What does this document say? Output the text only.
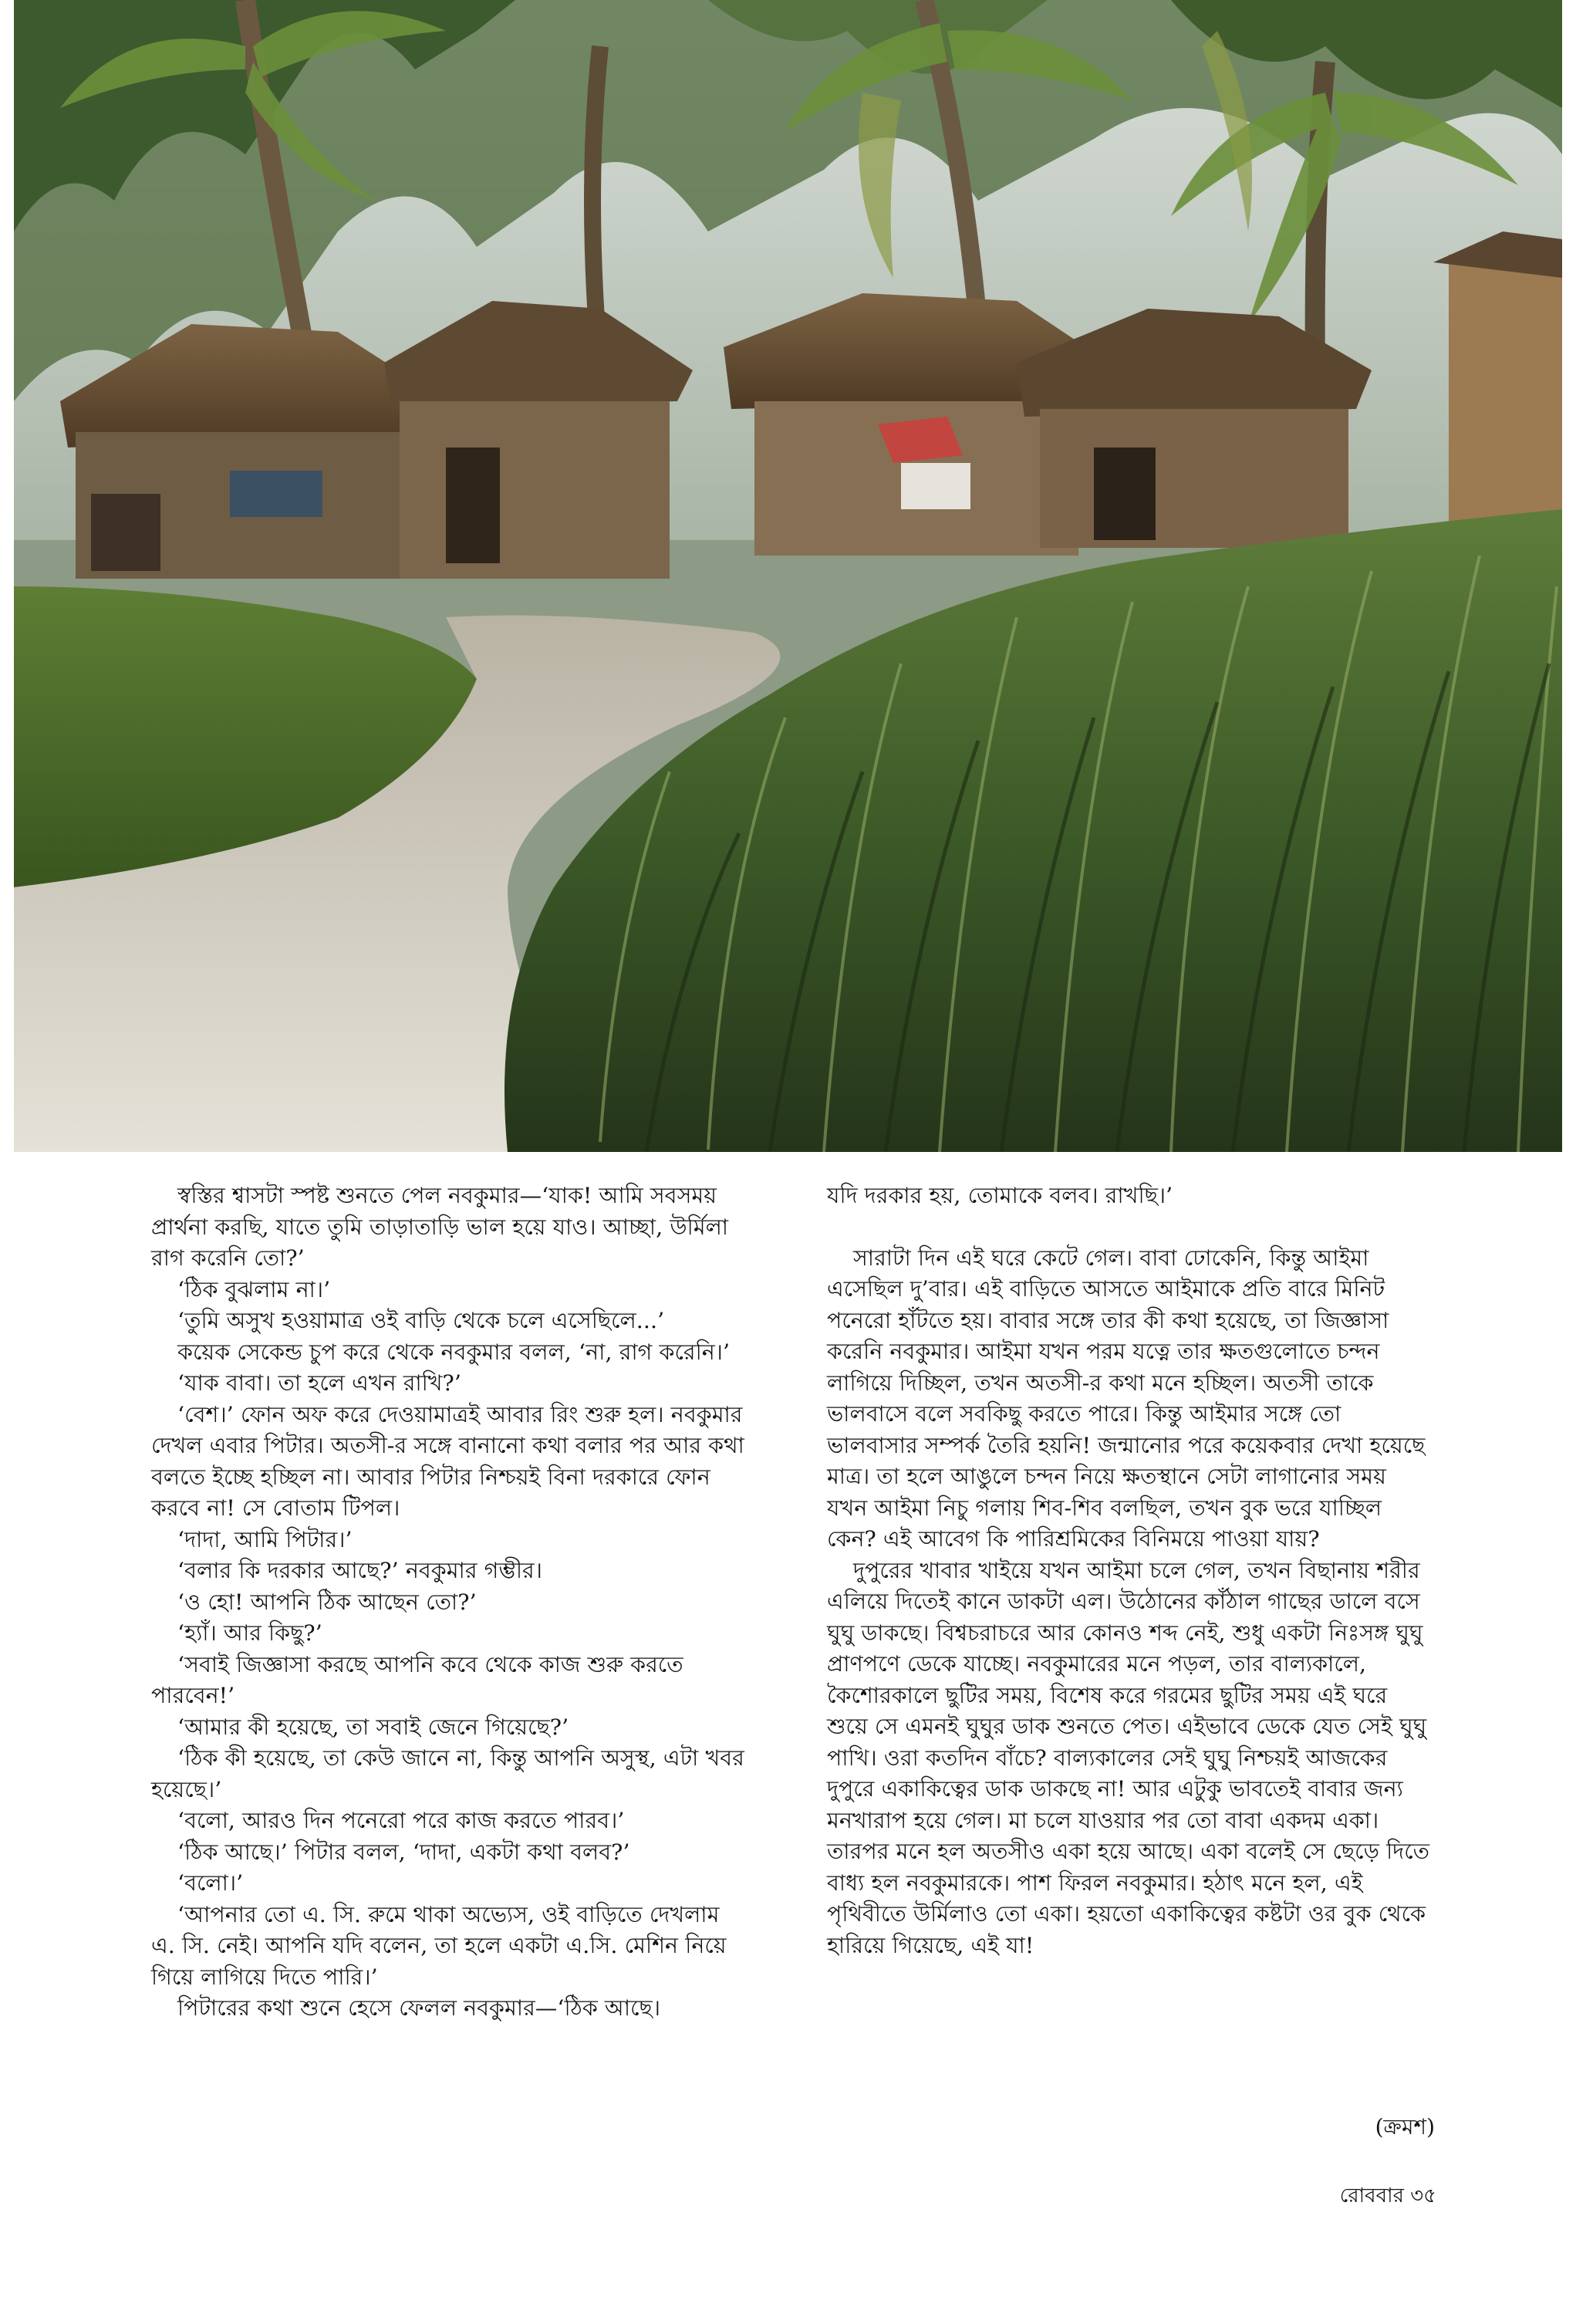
স্বস্তির শ্বাসটা স্পষ্ট শুনতে পেল নবকুমার—‘যাক! আমি সবসময় প্রার্থনা করছি, যাতে তুমি তাড়াতাড়ি ভাল হয়ে যাও। আচ্ছা, উর্মিলা রাগ করেনি তো?’

‘ঠিক বুঝলাম না।’

‘তুমি অসুখ হওয়ামাত্র ওই বাড়ি থেকে চলে এসেছিলে...’

কয়েক সেকেন্ড চুপ করে থেকে নবকুমার বলল, ‘না, রাগ করেনি।’

‘যাক বাবা। তা হলে এখন রাখি?’

‘বেশ।’ ফোন অফ করে দেওয়ামাত্রই আবার রিং শুরু হল। নবকুমার দেখল এবার পিটার। অতসী-র সঙ্গে বানানো কথা বলার পর আর কথা বলতে ইচ্ছে হচ্ছিল না। আবার পিটার নিশ্চয়ই বিনা দরকারে ফোন করবে না! সে বোতাম টিপল।

‘দাদা, আমি পিটার।’

‘বলার কি দরকার আছে?’ নবকুমার গম্ভীর।

‘ও হো! আপনি ঠিক আছেন তো?’

‘হ্যাঁ। আর কিছু?’

‘সবাই জিজ্ঞাসা করছে আপনি কবে থেকে কাজ শুরু করতে পারবেন!’

‘আমার কী হয়েছে, তা সবাই জেনে গিয়েছে?’

‘ঠিক কী হয়েছে, তা কেউ জানে না, কিন্তু আপনি অসুস্থ, এটা খবর হয়েছে।’

‘বলো, আরও দিন পনেরো পরে কাজ করতে পারব।’

‘ঠিক আছে।’ পিটার বলল, ‘দাদা, একটা কথা বলব?’

‘বলো।’

‘আপনার তো এ. সি. রুমে থাকা অভ্যেস, ওই বাড়িতে দেখলাম এ. সি. নেই। আপনি যদি বলেন, তা হলে একটা এ.সি. মেশিন নিয়ে গিয়ে লাগিয়ে দিতে পারি।’

পিটারের কথা শুনে হেসে ফেলল নবকুমার—‘ঠিক আছে।

যদি দরকার হয়, তোমাকে বলব। রাখছি।’

সারাটা দিন এই ঘরে কেটে গেল। বাবা ঢোকেনি, কিন্তু আইমা এসেছিল দু’বার। এই বাড়িতে আসতে আইমাকে প্রতি বারে মিনিট পনেরো হাঁটতে হয়। বাবার সঙ্গে তার কী কথা হয়েছে, তা জিজ্ঞাসা করেনি নবকুমার। আইমা যখন পরম যত্নে তার ক্ষতগুলোতে চন্দন লাগিয়ে দিচ্ছিল, তখন অতসী-র কথা মনে হচ্ছিল। অতসী তাকে ভালবাসে বলে সবকিছু করতে পারে। কিন্তু আইমার সঙ্গে তো ভালবাসার সম্পর্ক তৈরি হয়নি! জন্মানোর পরে কয়েকবার দেখা হয়েছে মাত্র। তা হলে আঙুলে চন্দন নিয়ে ক্ষতস্থানে সেটা লাগানোর সময় যখন আইমা নিচু গলায় শিব-শিব বলছিল, তখন বুক ভরে যাচ্ছিল কেন? এই আবেগ কি পারিশ্রমিকের বিনিময়ে পাওয়া যায়?

দুপুরের খাবার খাইয়ে যখন আইমা চলে গেল, তখন বিছানায় শরীর এলিয়ে দিতেই কানে ডাকটা এল। উঠোনের কাঁঠাল গাছের ডালে বসে ঘুঘু ডাকছে। বিশ্বচরাচরে আর কোনও শব্দ নেই, শুধু একটা নিঃসঙ্গ ঘুঘু প্রাণপণে ডেকে যাচ্ছে। নবকুমারের মনে পড়ল, তার বাল্যকালে, কৈশোরকালে ছুটির সময়, বিশেষ করে গরমের ছুটির সময় এই ঘরে শুয়ে সে এমনই ঘুঘুর ডাক শুনতে পেত। এইভাবে ডেকে যেত সেই ঘুঘু পাখি। ওরা কতদিন বাঁচে? বাল্যকালের সেই ঘুঘু নিশ্চয়ই আজকের দুপুরে একাকিত্বের ডাক ডাকছে না! আর এটুকু ভাবতেই বাবার জন্য মনখারাপ হয়ে গেল। মা চলে যাওয়ার পর তো বাবা একদম একা। তারপর মনে হল অতসীও একা হয়ে আছে। একা বলেই সে ছেড়ে দিতে বাধ্য হল নবকুমারকে। পাশ ফিরল নবকুমার। হঠাৎ মনে হল, এই পৃথিবীতে উর্মিলাও তো একা। হয়তো একাকিত্বের কষ্টটা ওর বুক থেকে হারিয়ে গিয়েছে, এই যা!

(ক্রমশ)
রোববার ৩৫
